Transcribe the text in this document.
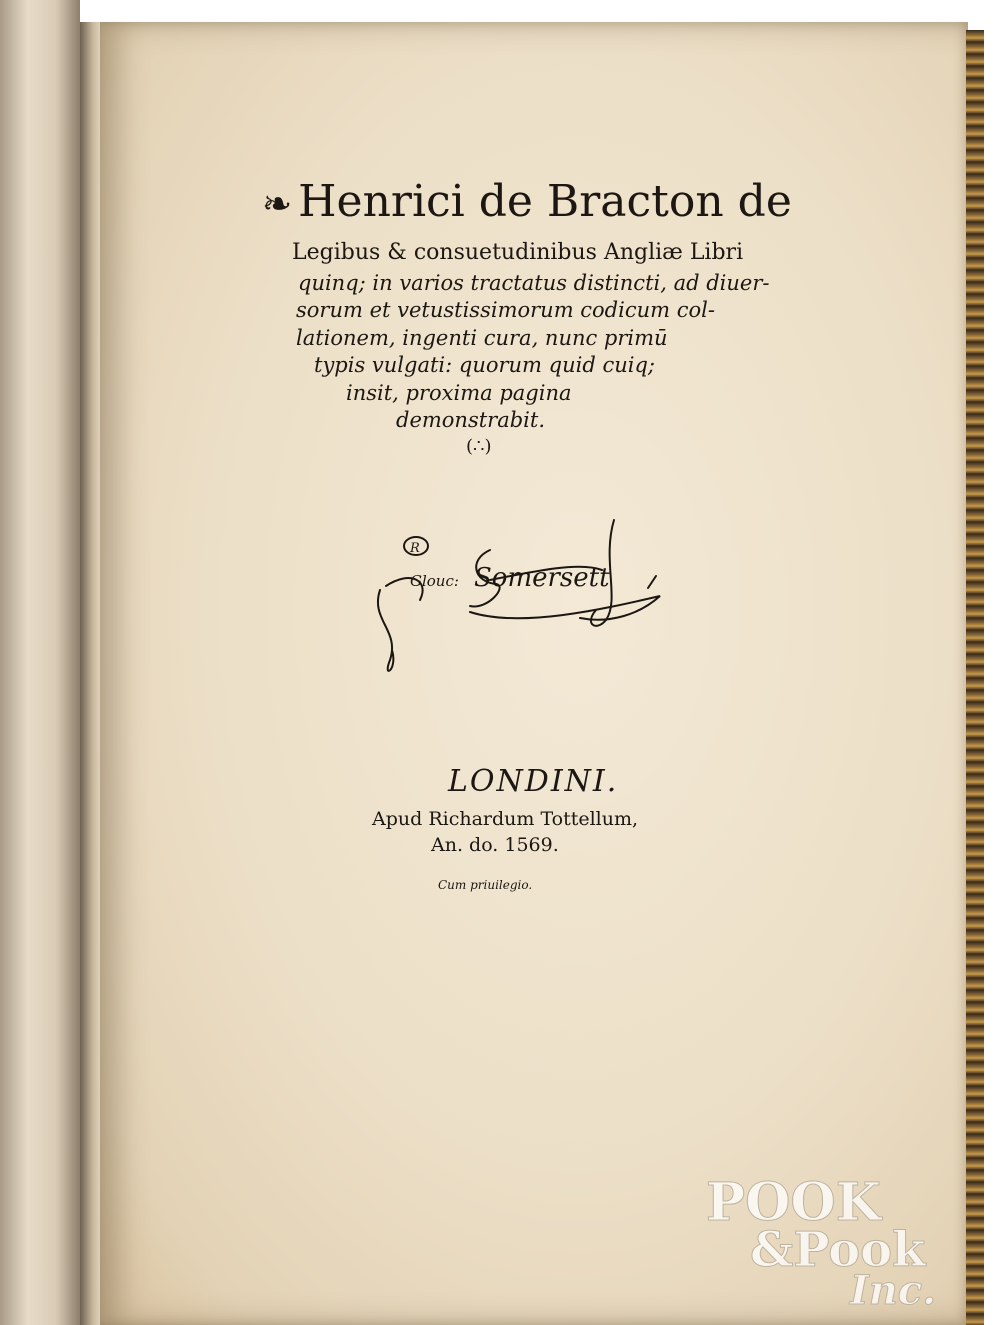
❧ Henrici de Bracton de
Legibus & consuetudinibus Angliæ Libri
quinq; in varios tractatus distincti, ad diuer-
sorum et vetustissimorum codicum col-
lationem, ingenti cura, nunc primū
typis vulgati: quorum quid cuiq;
insit, proxima pagina
demonstrabit.
(∴)
R
Glouc: Somersett
LONDINI.
Apud Richardum Tottellum,
An. do. 1569.
Cum priuilegio.
POOK
&Pook
Inc.
